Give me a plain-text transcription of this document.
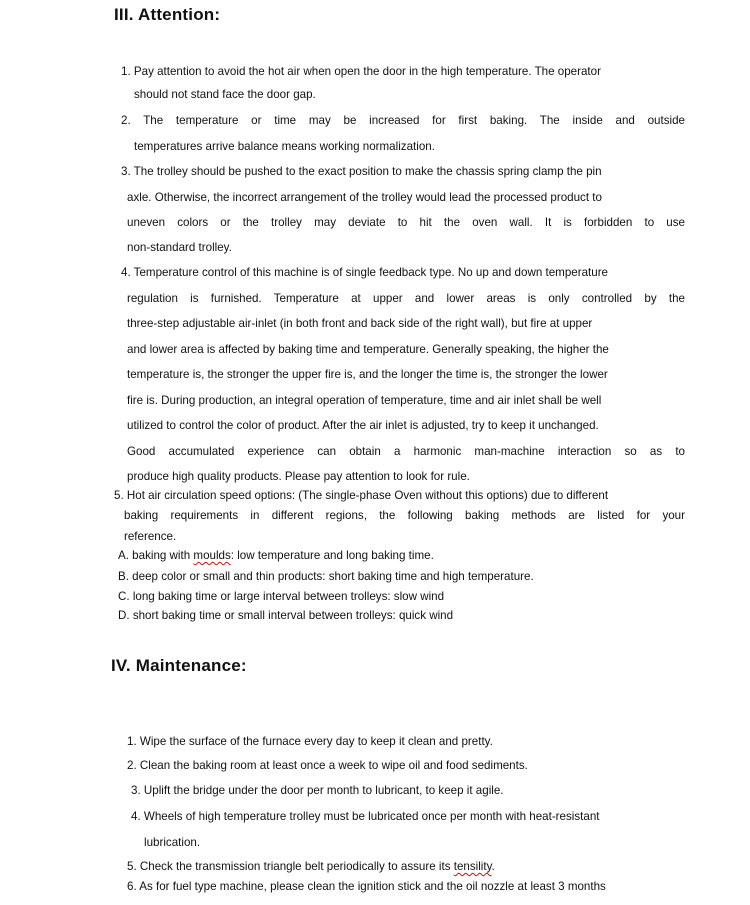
III. Attention:
1. Pay attention to avoid the hot air when open the door in the high temperature. The operator
should not stand face the door gap.
2. The temperature or time may be increased for first baking. The inside and outside
temperatures arrive balance means working normalization.
3. The trolley should be pushed to the exact position to make the chassis spring clamp the pin
axle. Otherwise, the incorrect arrangement of the trolley would lead the processed product to
uneven colors or the trolley may deviate to hit the oven wall. It is forbidden to use
non-standard trolley.
4. Temperature control of this machine is of single feedback type. No up and down temperature
regulation is furnished. Temperature at upper and lower areas is only controlled by the
three-step adjustable air-inlet (in both front and back side of the right wall), but fire at upper
and lower area is affected by baking time and temperature. Generally speaking, the higher the
temperature is, the stronger the upper fire is, and the longer the time is, the stronger the lower
fire is. During production, an integral operation of temperature, time and air inlet shall be well
utilized to control the color of product. After the air inlet is adjusted, try to keep it unchanged.
Good accumulated experience can obtain a harmonic man-machine interaction so as to
produce high quality products. Please pay attention to look for rule.
5. Hot air circulation speed options: (The single-phase Oven without this options) due to different
baking requirements in different regions, the following baking methods are listed for your
reference.
A. baking with moulds: low temperature and long baking time.
B. deep color or small and thin products: short baking time and high temperature.
C. long baking time or large interval between trolleys: slow wind
D. short baking time or small interval between trolleys: quick wind
IV. Maintenance:
1. Wipe the surface of the furnace every day to keep it clean and pretty.
2. Clean the baking room at least once a week to wipe oil and food sediments.
3. Uplift the bridge under the door per month to lubricant, to keep it agile.
4. Wheels of high temperature trolley must be lubricated once per month with heat-resistant
lubrication.
5. Check the transmission triangle belt periodically to assure its tensility.
6. As for fuel type machine, please clean the ignition stick and the oil nozzle at least 3 months
